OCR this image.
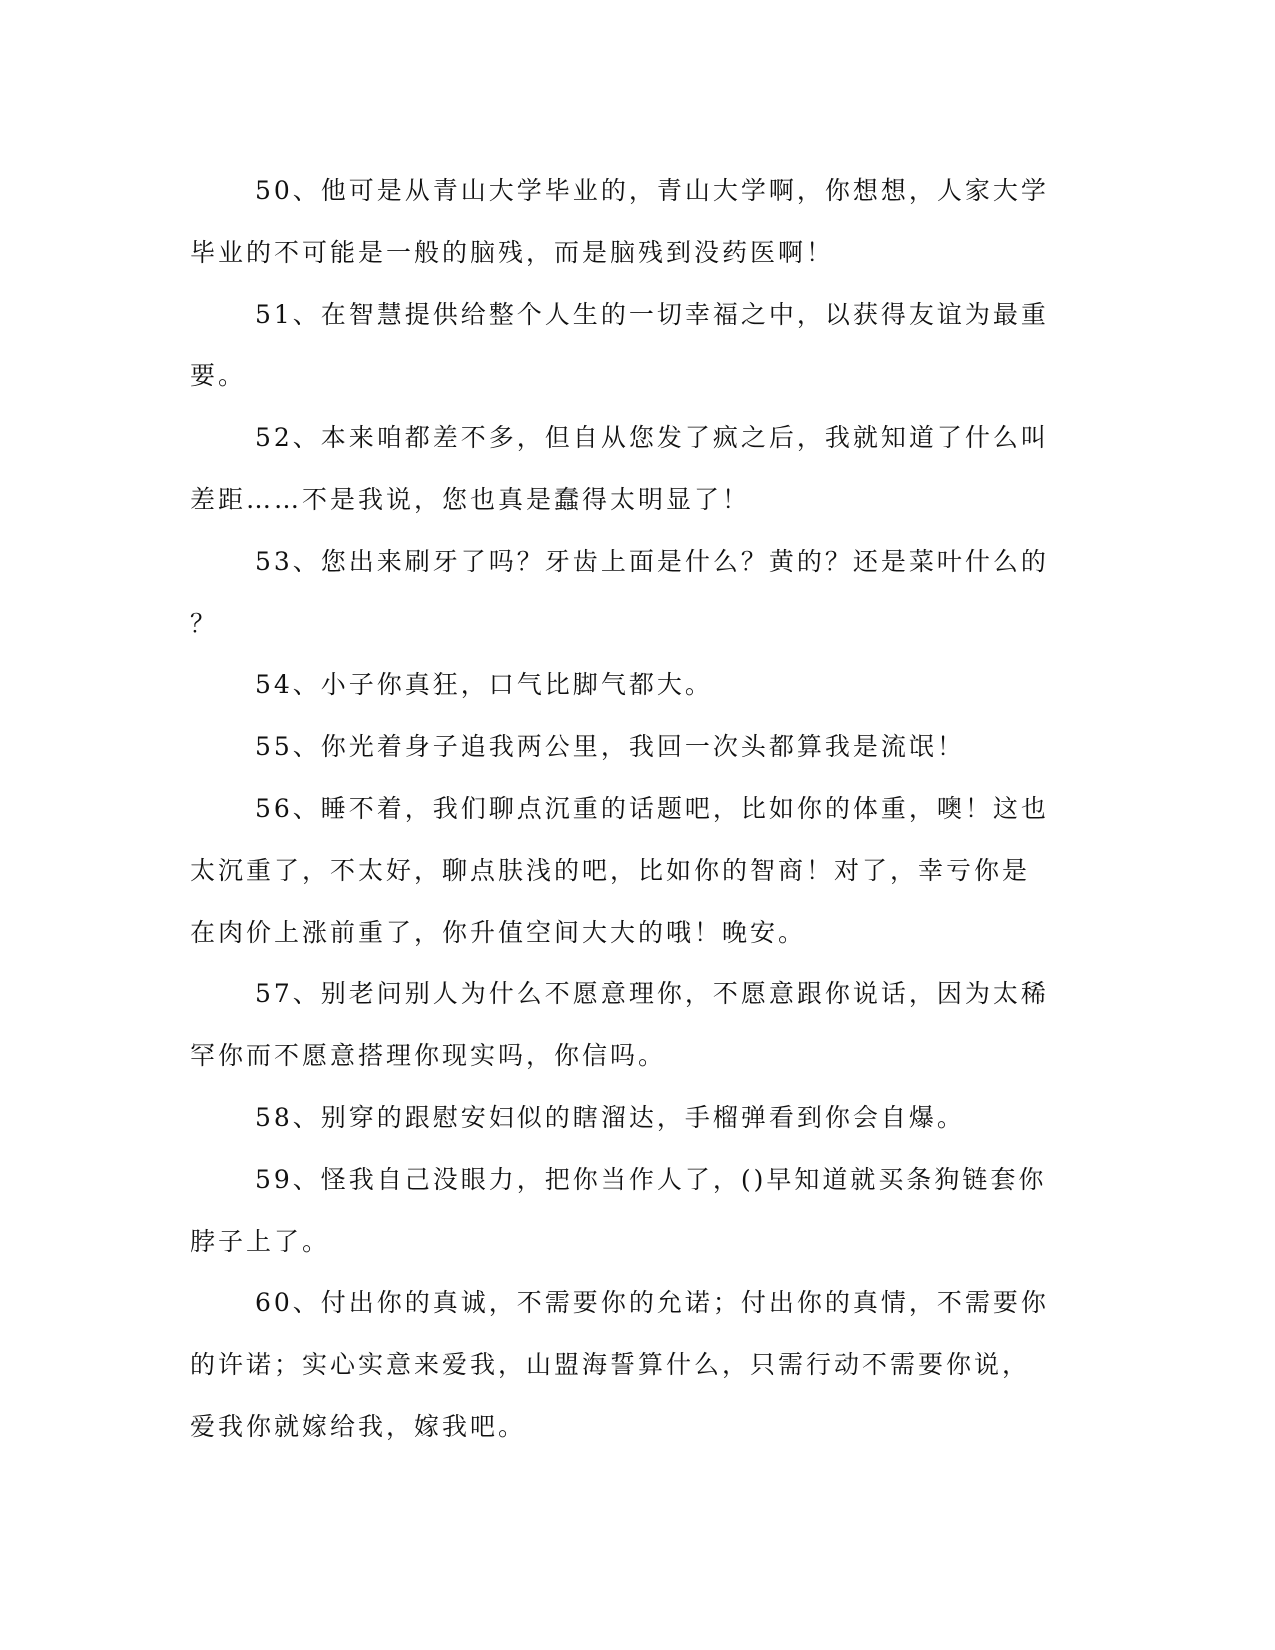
50、他可是从青山大学毕业的，青山大学啊，你想想，人家大学
毕业的不可能是一般的脑残，而是脑残到没药医啊！

51、在智慧提供给整个人生的一切幸福之中，以获得友谊为最重
要。

52、本来咱都差不多，但自从您发了疯之后，我就知道了什么叫
差距……不是我说，您也真是蠢得太明显了！

53、您出来刷牙了吗？牙齿上面是什么？黄的？还是菜叶什么的
？

54、小子你真狂，口气比脚气都大。

55、你光着身子追我两公里，我回一次头都算我是流氓！

56、睡不着，我们聊点沉重的话题吧，比如你的体重，噢！这也
太沉重了，不太好，聊点肤浅的吧，比如你的智商！对了，幸亏你是
在肉价上涨前重了，你升值空间大大的哦！晚安。

57、别老问别人为什么不愿意理你，不愿意跟你说话，因为太稀
罕你而不愿意搭理你现实吗，你信吗。

58、别穿的跟慰安妇似的瞎溜达，手榴弹看到你会自爆。

59、怪我自己没眼力，把你当作人了，()早知道就买条狗链套你
脖子上了。

60、付出你的真诚，不需要你的允诺；付出你的真情，不需要你
的许诺；实心实意来爱我，山盟海誓算什么，只需行动不需要你说，
爱我你就嫁给我，嫁我吧。
